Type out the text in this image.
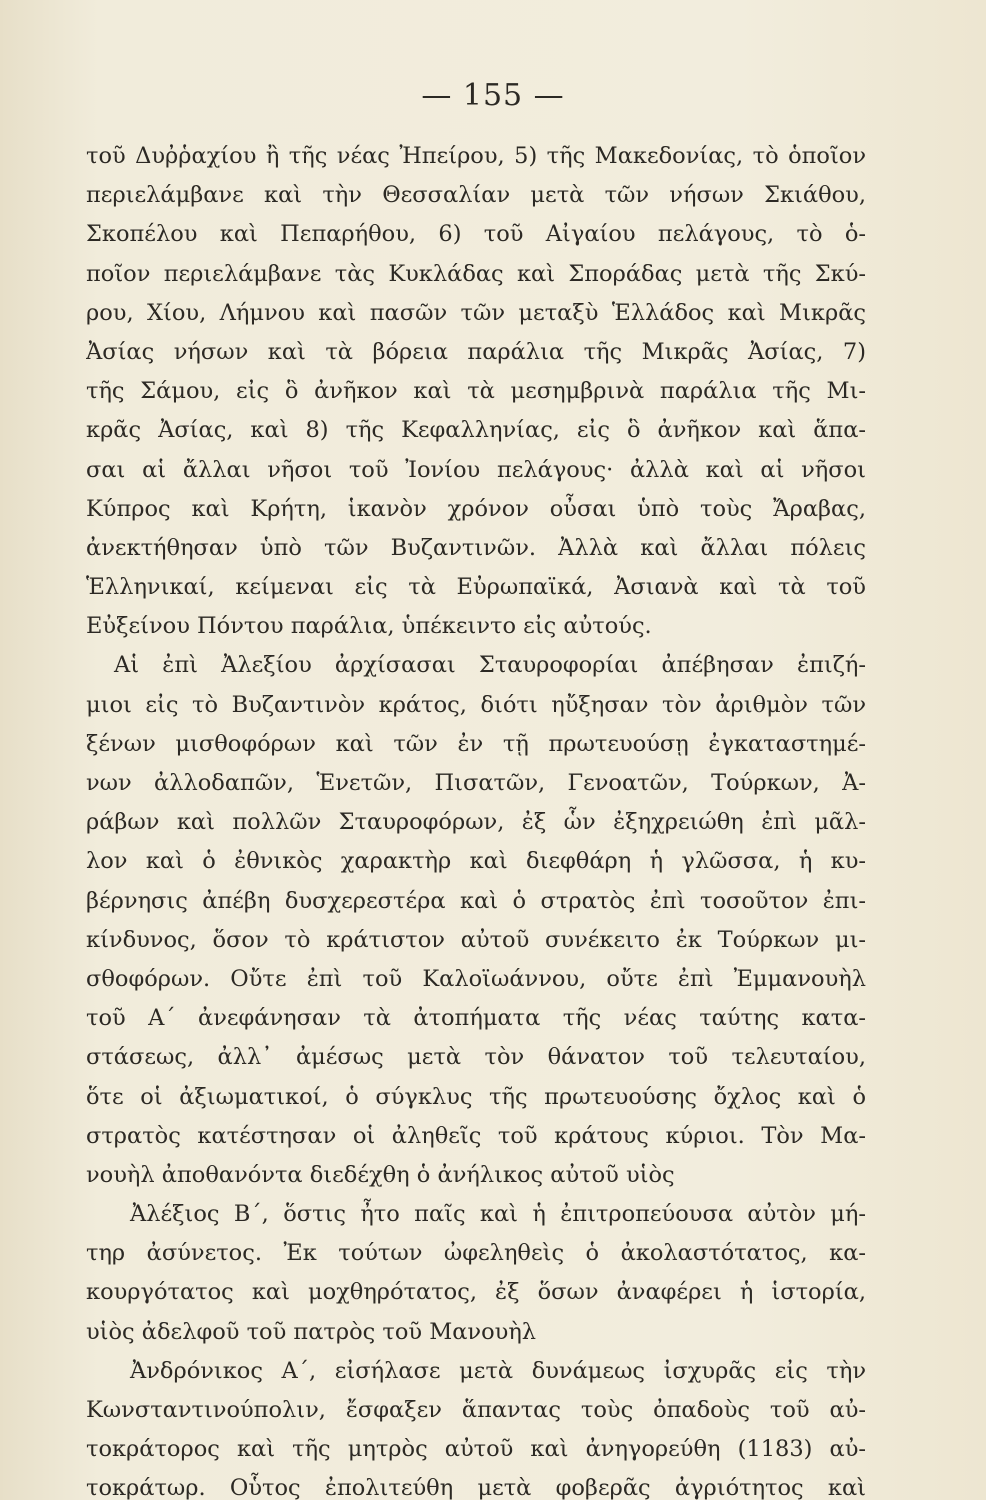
— 155 —
τοῦ Δυῤῥαχίου ἢ τῆς νέας Ἠπείρου, 5) τῆς Μακεδονίας, τὸ ὁποῖον
περιελάμβανε καὶ τὴν Θεσσαλίαν μετὰ τῶν νήσων Σκιάθου,
Σκοπέλου καὶ Πεπαρήθου, 6) τοῦ Αἰγαίου πελάγους, τὸ ὁ-
ποῖον περιελάμβανε τὰς Κυκλάδας καὶ Σποράδας μετὰ τῆς Σκύ-
ρου, Χίου, Λήμνου καὶ πασῶν τῶν μεταξὺ Ἑλλάδος καὶ Μικρᾶς
Ἀσίας νήσων καὶ τὰ βόρεια παράλια τῆς Μικρᾶς Ἀσίας, 7)
τῆς Σάμου, εἰς ὃ ἀνῆκον καὶ τὰ μεσημβρινὰ παράλια τῆς Μι-
κρᾶς Ἀσίας, καὶ 8) τῆς Κεφαλληνίας, εἰς ὃ ἀνῆκον καὶ ἅπα-
σαι αἱ ἄλλαι νῆσοι τοῦ Ἰονίου πελάγους· ἀλλὰ καὶ αἱ νῆσοι
Κύπρος καὶ Κρήτη, ἱκανὸν χρόνον οὖσαι ὑπὸ τοὺς Ἄραβας,
ἀνεκτήθησαν ὑπὸ τῶν Βυζαντινῶν. Ἀλλὰ καὶ ἄλλαι πόλεις
Ἑλληνικαί, κείμεναι εἰς τὰ Εὐρωπαϊκά, Ἀσιανὰ καὶ τὰ τοῦ
Εὐξείνου Πόντου παράλια, ὑπέκειντο εἰς αὐτούς.
Αἱ ἐπὶ Ἀλεξίου ἀρχίσασαι Σταυροφορίαι ἀπέβησαν ἐπιζή-
μιοι εἰς τὸ Βυζαντινὸν κράτος, διότι ηὔξησαν τὸν ἀριθμὸν τῶν
ξένων μισθοφόρων καὶ τῶν ἐν τῇ πρωτευούσῃ ἐγκαταστημέ-
νων ἀλλοδαπῶν, Ἑνετῶν, Πισατῶν, Γενοατῶν, Τούρκων, Ἀ-
ράβων καὶ πολλῶν Σταυροφόρων, ἐξ ὧν ἐξηχρειώθη ἐπὶ μᾶλ-
λον καὶ ὁ ἐθνικὸς χαρακτὴρ καὶ διεφθάρη ἡ γλῶσσα, ἡ κυ-
βέρνησις ἀπέβη δυσχερεστέρα καὶ ὁ στρατὸς ἐπὶ τοσοῦτον ἐπι-
κίνδυνος, ὅσον τὸ κράτιστον αὐτοῦ συνέκειτο ἐκ Τούρκων μι-
σθοφόρων. Οὔτε ἐπὶ τοῦ Καλοϊωάννου, οὔτε ἐπὶ Ἐμμανουὴλ
τοῦ Α΄ ἀνεφάνησαν τὰ ἀτοπήματα τῆς νέας ταύτης κατα-
στάσεως, ἀλλ᾽ ἀμέσως μετὰ τὸν θάνατον τοῦ τελευταίου,
ὅτε οἱ ἀξιωματικοί, ὁ σύγκλυς τῆς πρωτευούσης ὄχλος καὶ ὁ
στρατὸς κατέστησαν οἱ ἀληθεῖς τοῦ κράτους κύριοι. Τὸν Μα-
νουὴλ ἀποθανόντα διεδέχθη ὁ ἀνήλικος αὐτοῦ υἱὸς
Ἀλέξιος Β΄, ὅστις ἦτο παῖς καὶ ἡ ἐπιτροπεύουσα αὐτὸν μή-
τηρ ἀσύνετος. Ἐκ τούτων ὠφεληθεὶς ὁ ἀκολαστότατος, κα-
κουργότατος καὶ μοχθηρότατος, ἐξ ὅσων ἀναφέρει ἡ ἱστορία,
υἱὸς ἀδελφοῦ τοῦ πατρὸς τοῦ Μανουὴλ
Ἀνδρόνικος Α΄, εἰσήλασε μετὰ δυνάμεως ἰσχυρᾶς εἰς τὴν
Κωνσταντινούπολιν, ἔσφαξεν ἅπαντας τοὺς ὀπαδοὺς τοῦ αὐ-
τοκράτορος καὶ τῆς μητρὸς αὐτοῦ καὶ ἀνηγορεύθη (1183) αὐ-
τοκράτωρ. Οὗτος ἐπολιτεύθη μετὰ φοβερᾶς ἀγριότητος καὶ
